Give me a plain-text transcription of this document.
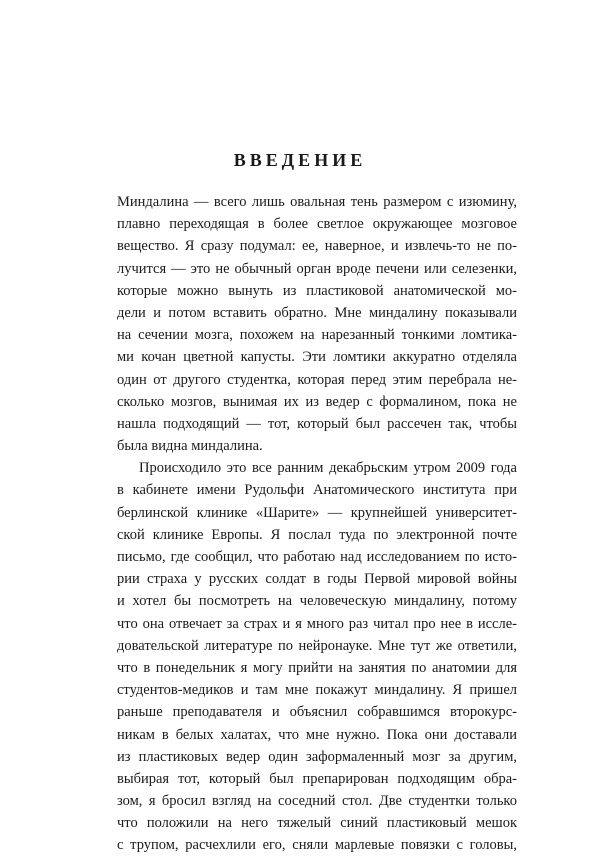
ВВЕДЕНИЕ
Миндалина — всего лишь овальная тень размером с изюмину,
плавно переходящая в более светлое окружающее мозговое
вещество. Я сразу подумал: ее, наверное, и извлечь-то не по-
лучится — это не обычный орган вроде печени или селезенки,
которые можно вынуть из пластиковой анатомической мо-
дели и потом вставить обратно. Мне миндалину показывали
на сечении мозга, похожем на нарезанный тонкими ломтика-
ми кочан цветной капусты. Эти ломтики аккуратно отделяла
один от другого студентка, которая перед этим перебрала не-
сколько мозгов, вынимая их из ведер с формалином, пока не
нашла подходящий — тот, который был рассечен так, чтобы
была видна миндалина.
Происходило это все ранним декабрьским утром 2009 года
в кабинете имени Рудольфи Анатомического института при
берлинской клинике «Шарите» — крупнейшей университет-
ской клинике Европы. Я послал туда по электронной почте
письмо, где сообщил, что работаю над исследованием по исто-
рии страха у русских солдат в годы Первой мировой войны
и хотел бы посмотреть на человеческую миндалину, потому
что она отвечает за страх и я много раз читал про нее в иссле-
довательской литературе по нейронауке. Мне тут же ответили,
что в понедельник я могу прийти на занятия по анатомии для
студентов-медиков и там мне покажут миндалину. Я пришел
раньше преподавателя и объяснил собравшимся второкурс-
никам в белых халатах, что мне нужно. Пока они доставали
из пластиковых ведер один заформаленный мозг за другим,
выбирая тот, который был препарирован подходящим обра-
зом, я бросил взгляд на соседний стол. Две студентки только
что положили на него тяжелый синий пластиковый мешок
с трупом, расчехлили его, сняли марлевые повязки с головы,
